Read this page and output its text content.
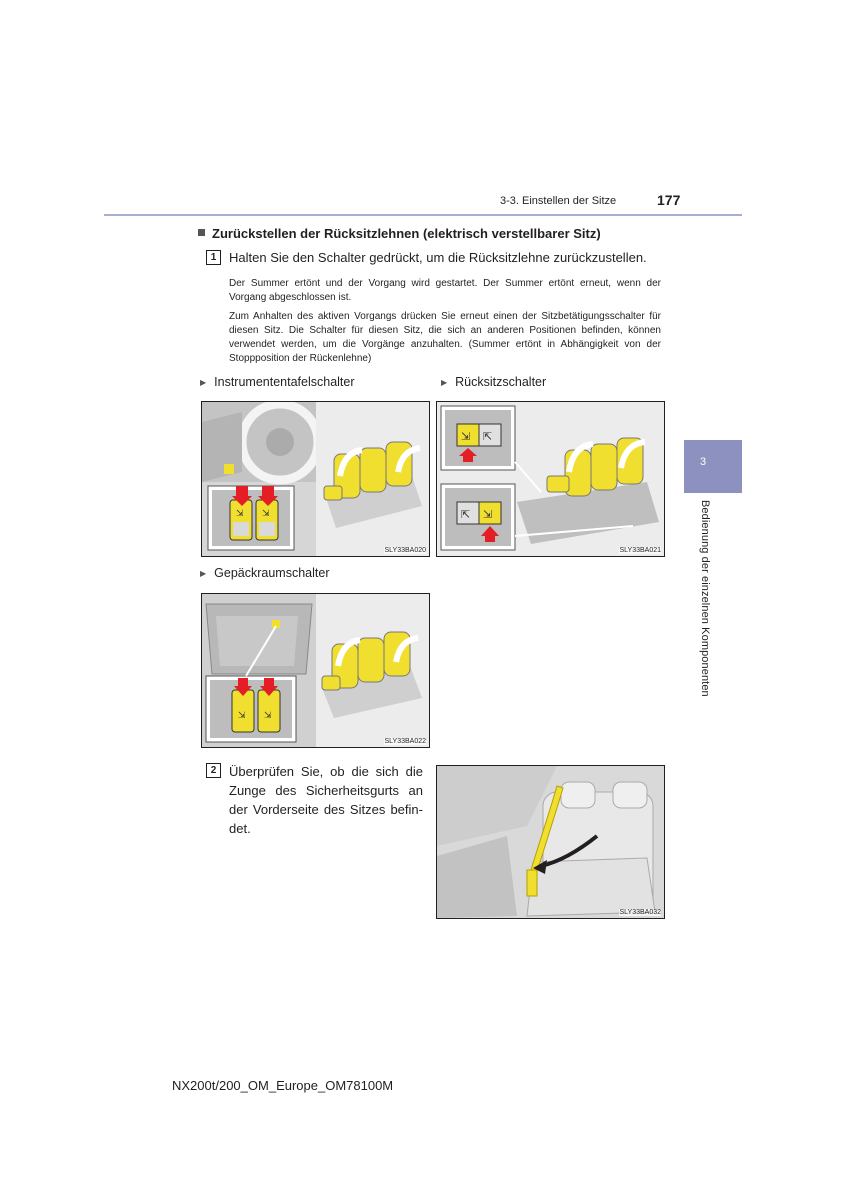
3-3. Einstellen der Sitze	177
3
Bedienung der einzelnen Komponenten
Zurückstellen der Rücksitzlehnen (elektrisch verstellbarer Sitz)
1 Halten Sie den Schalter gedrückt, um die Rücksitzlehne zurückzustellen.
Der Summer ertönt und der Vorgang wird gestartet. Der Summer ertönt erneut, wenn der Vorgang abgeschlossen ist.
Zum Anhalten des aktiven Vorgangs drücken Sie erneut einen der Sitzbetätigungsschalter für diesen Sitz. Die Schalter für diesen Sitz, die sich an anderen Positionen befinden, können verwendet werden, um die Vorgänge anzuhalten. (Summer ertönt in Abhängigkeit von der Stoppposition der Rückenlehne)
▶ Instrumententafelschalter	▶ Rücksitzschalter
▶ Gepäckraumschalter
⇲ ⇲
SLY33BA020
⇲ ⇱
⇱ ⇲
SLY33BA021
⇲ ⇲
SLY33BA022
2 Überprüfen Sie, ob die sich die Zunge des Sicherheitsgurts an der Vorderseite des Sitzes befindet.
SLY33BA032
NX200t/200_OM_Europe_OM78100M
